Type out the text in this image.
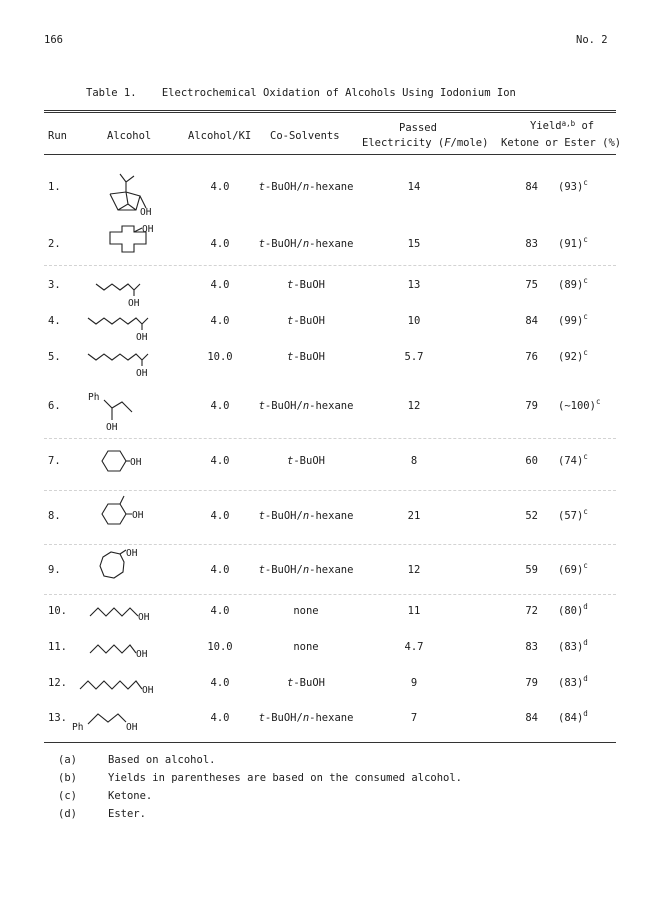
166	No. 2
Table 1.    Electrochemical Oxidation of Alcohols Using Iodonium Ion
Run	Alcohol	Alcohol/KI Co-Solvents
Passed
Electricity (F/mole)
Yield$^{a,b}$ of
Ketone or Ester (%)
1.	4.0	t-BuOH/n-hexane	14	84 $(93)^c$
2.	4.0	t-BuOH/n-hexane	15	83 $(91)^c$
3.	4.0	t-BuOH	13	75 $(89)^c$
4.	4.0	t-BuOH	10	84 $(99)^c$
5.	10.0	t-BuOH	5.7	76 $(92)^c$
6.	4.0	t-BuOH/n-hexane	12	79 (~100)$^c$
7.	4.0	t-BuOH	8	60 $(74)^c$
8.	4.0	t-BuOH/n-hexane	21	52 $(57)^c$
9.	4.0	t-BuOH/n-hexane	12	59 $(69)^c$
10.	4.0	none	11	72 $(80)^d$
11.	10.0	none	4.7	83 $(83)^d$
12.	4.0	t-BuOH	9	79 $(83)^d$
13.	4.0	t-BuOH/n-hexane	7	84 $(84)^d$
OH
OH
OH
OH
OH
Ph
OH
OH
OH
OH
OH
OH
OH
Ph	OH
(a)	Based on alcohol.
(b)	Yields in parentheses are based on the consumed alcohol.
(c)	Ketone.
(d)	Ester.
